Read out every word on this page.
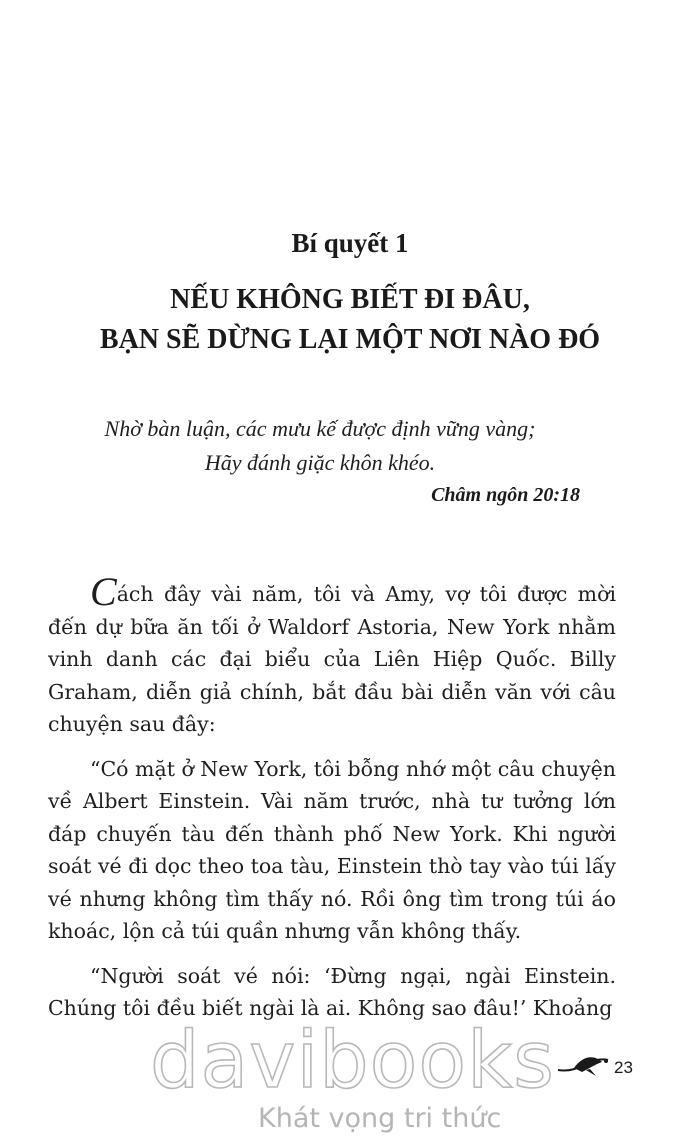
Bí quyết 1
NẾU KHÔNG BIẾT ĐI ĐÂU,
BẠN SẼ DỪNG LẠI MỘT NƠI NÀO ĐÓ
Nhờ bàn luận, các mưu kế được định vững vàng;
Hãy đánh giặc khôn khéo.
Châm ngôn 20:18

Cách đây vài năm, tôi và Amy, vợ tôi được mời đến dự bữa ăn tối ở Waldorf Astoria, New York nhằm vinh danh các đại biểu của Liên Hiệp Quốc. Billy Graham, diễn giả chính, bắt đầu bài diễn văn với câu chuyện sau đây:

“Có mặt ở New York, tôi bỗng nhớ một câu chuyện về Albert Einstein. Vài năm trước, nhà tư tưởng lớn đáp chuyến tàu đến thành phố New York. Khi người soát vé đi dọc theo toa tàu, Einstein thò tay vào túi lấy vé nhưng không tìm thấy nó. Rồi ông tìm trong túi áo khoác, lộn cả túi quần nhưng vẫn không thấy.

“Người soát vé nói: ‘Đừng ngại, ngài Einstein. Chúng tôi đều biết ngài là ai. Không sao đâu!’ Khoảng

23
davibooks
Khát vọng tri thức
